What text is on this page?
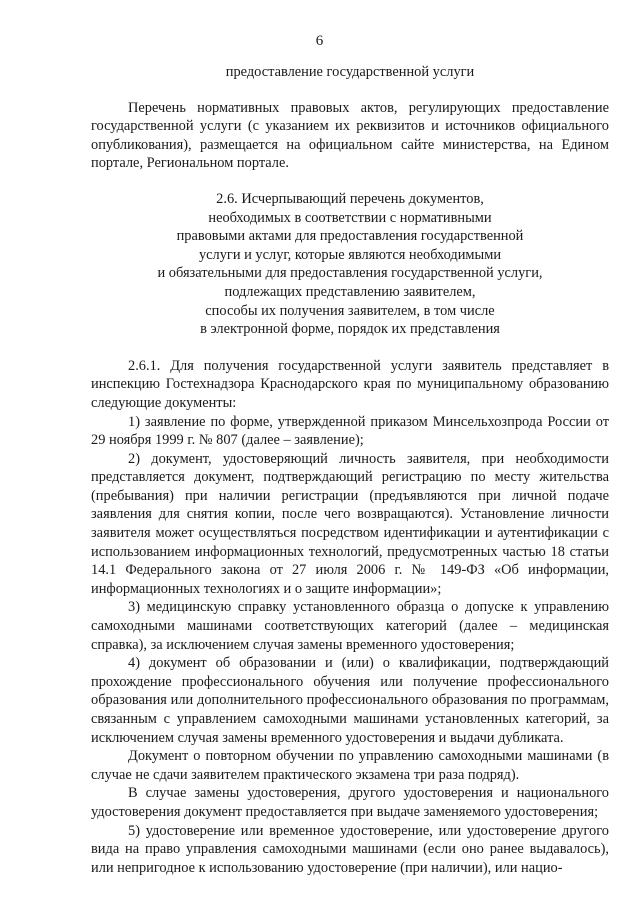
6
предоставление государственной услуги

Перечень нормативных правовых актов, регулирующих предоставление государственной услуги (с указанием их реквизитов и источников официального опубликования), размещается на официальном сайте министерства, на Едином портале, Региональном портале.

2.6. Исчерпывающий перечень документов,
необходимых в соответствии с нормативными
правовыми актами для предоставления государственной
услуги и услуг, которые являются необходимыми
и обязательными для предоставления государственной услуги,
подлежащих представлению заявителем,
способы их получения заявителем, в том числе
в электронной форме, порядок их представления

2.6.1. Для получения государственной услуги заявитель представляет в инспекцию Гостехнадзора Краснодарского края по муниципальному образованию следующие документы:

1) заявление по форме, утвержденной приказом Минсельхозпрода России от 29 ноября 1999 г. № 807 (далее – заявление);

2) документ, удостоверяющий личность заявителя, при необходимости представляется документ, подтверждающий регистрацию по месту жительства (пребывания) при наличии регистрации (предъявляются при личной подаче заявления для снятия копии, после чего возвращаются). Установление личности заявителя может осуществляться посредством идентификации и аутентификации с использованием информационных технологий, предусмотренных частью 18 статьи 14.1 Федерального закона от 27 июля 2006 г. № 149-ФЗ «Об информации, информационных технологиях и о защите информации»;

3) медицинскую справку установленного образца о допуске к управлению самоходными машинами соответствующих категорий (далее – медицинская справка), за исключением случая замены временного удостоверения;

4) документ об образовании и (или) о квалификации, подтверждающий прохождение профессионального обучения или получение профессионального образования или дополнительного профессионального образования по программам, связанным с управлением самоходными машинами установленных категорий, за исключением случая замены временного удостоверения и выдачи дубликата.

Документ о повторном обучении по управлению самоходными машинами (в случае не сдачи заявителем практического экзамена три раза подряд).

В случае замены удостоверения, другого удостоверения и национального удостоверения документ предоставляется при выдаче заменяемого удостоверения;

5) удостоверение или временное удостоверение, или удостоверение другого вида на право управления самоходными машинами (если оно ранее выдавалось), или непригодное к использованию удостоверение (при наличии), или нацио-
